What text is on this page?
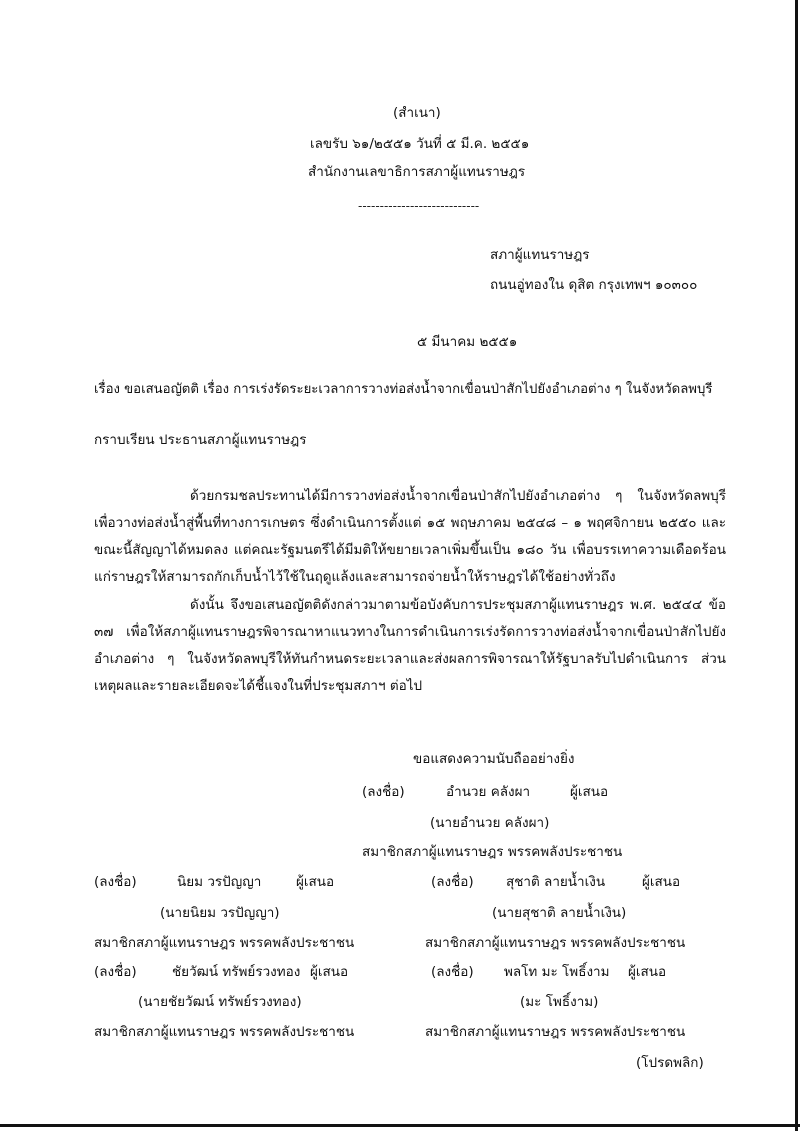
(สำเนา)
เลขรับ ๖๑/๒๕๕๑ วันที่ ๕ มี.ค. ๒๕๕๑
สำนักงานเลขาธิการสภาผู้แทนราษฎร
----------------------------
สภาผู้แทนราษฎร
ถนนอู่ทองใน ดุสิต กรุงเทพฯ ๑๐๓๐๐
๕ มีนาคม ๒๕๕๑
เรื่อง ขอเสนอญัตติ เรื่อง การเร่งรัดระยะเวลาการวางท่อส่งน้ำจากเขื่อนป่าสักไปยังอำเภอต่าง ๆ ในจังหวัดลพบุรี
กราบเรียน ประธานสภาผู้แทนราษฎร
ด้วยกรมชลประทานได้มีการวางท่อส่งน้ำจากเขื่อนป่าสักไปยังอำเภอต่าง ๆ ในจังหวัดลพบุรีเพื่อวางท่อส่งน้ำสู่พื้นที่ทางการเกษตร ซึ่งดำเนินการตั้งแต่ ๑๕ พฤษภาคม ๒๕๔๘ – ๑ พฤศจิกายน ๒๕๕๐ และขณะนี้สัญญาได้หมดลง แต่คณะรัฐมนตรีได้มีมติให้ขยายเวลาเพิ่มขึ้นเป็น ๑๘๐ วัน เพื่อบรรเทาความเดือดร้อนแก่ราษฎรให้สามารถกักเก็บน้ำไว้ใช้ในฤดูแล้งและสามารถจ่ายน้ำให้ราษฎรได้ใช้อย่างทั่วถึง
ดังนั้น จึงขอเสนอญัตติดังกล่าวมาตามข้อบังคับการประชุมสภาผู้แทนราษฎร พ.ศ. ๒๕๔๔ ข้อ ๓๗ เพื่อให้สภาผู้แทนราษฎรพิจารณาหาแนวทางในการดำเนินการเร่งรัดการวางท่อส่งน้ำจากเขื่อนป่าสักไปยังอำเภอต่าง ๆ ในจังหวัดลพบุรีให้ทันกำหนดระยะเวลาและส่งผลการพิจารณาให้รัฐบาลรับไปดำเนินการ ส่วนเหตุผลและรายละเอียดจะได้ชี้แจงในที่ประชุมสภาฯ ต่อไป
ขอแสดงความนับถืออย่างยิ่ง
(ลงชื่อ)	อำนวย คลังผา	ผู้เสนอ
(นายอำนวย คลังผา)
สมาชิกสภาผู้แทนราษฎร พรรคพลังประชาชน
(ลงชื่อ)	นิยม วรปัญญา	ผู้เสนอ
(นายนิยม วรปัญญา)
สมาชิกสภาผู้แทนราษฎร พรรคพลังประชาชน
(ลงชื่อ) สุชาติ ลายน้ำเงิน	ผู้เสนอ
(นายสุชาติ ลายน้ำเงิน)
สมาชิกสภาผู้แทนราษฎร พรรคพลังประชาชน
(ลงชื่อ)	ชัยวัฒน์ ทรัพย์รวงทอง ผู้เสนอ
(นายชัยวัฒน์ ทรัพย์รวงทอง)
สมาชิกสภาผู้แทนราษฎร พรรคพลังประชาชน
(ลงชื่อ) พลโท มะ โพธิ์งาม ผู้เสนอ
(มะ โพธิ์งาม)
สมาชิกสภาผู้แทนราษฎร พรรคพลังประชาชน
(โปรดพลิก)
